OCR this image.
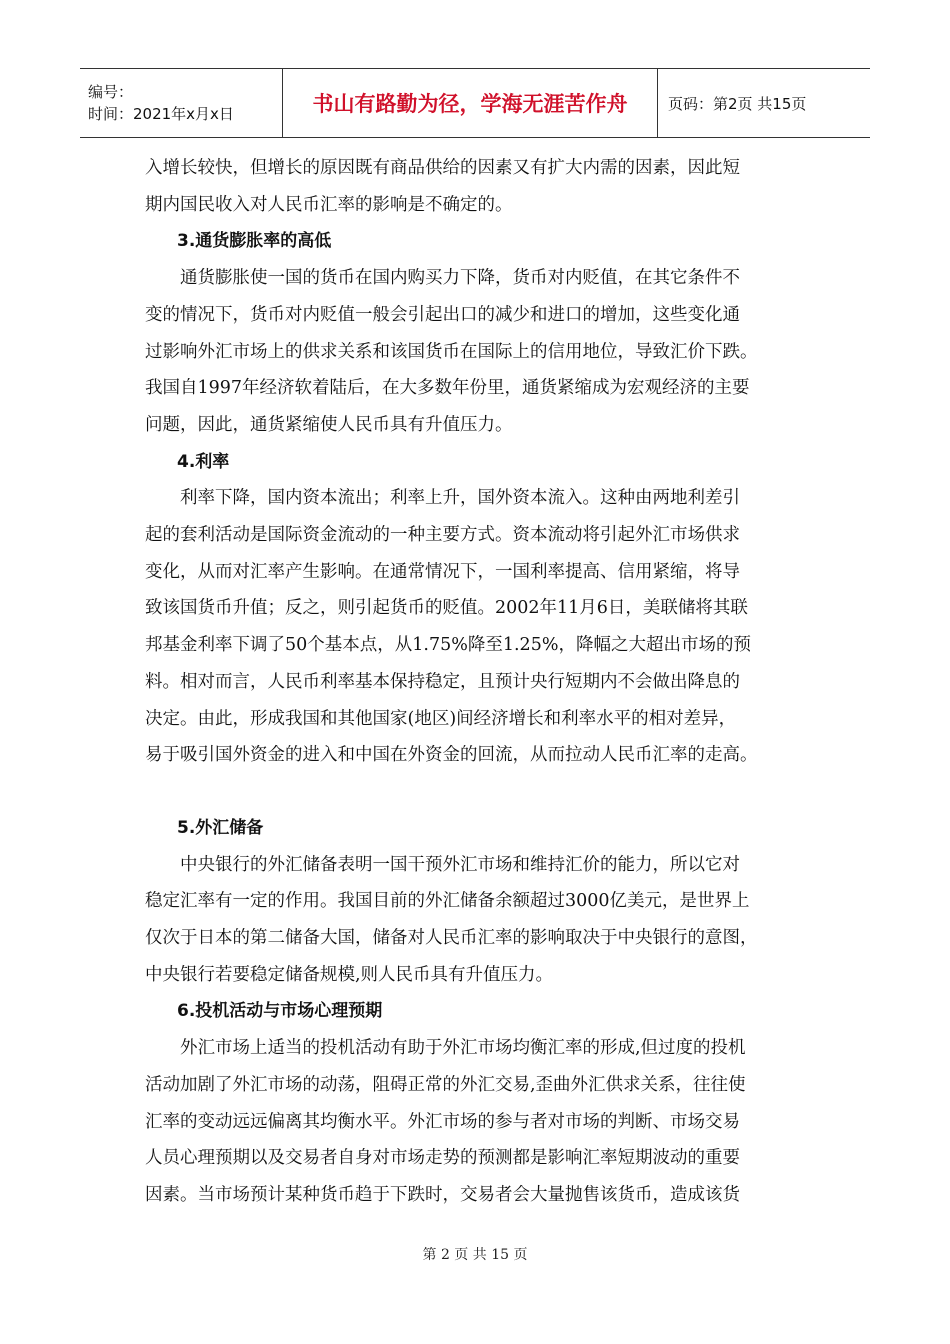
编号：
时间：2021年x月x日	书山有路勤为径，学海无涯苦作舟	页码：第2页 共15页

入增长较快，但增长的原因既有商品供给的因素又有扩大内需的因素，因此短
期内国民收入对人民币汇率的影响是不确定的。

3.通货膨胀率的高低

通货膨胀使一国的货币在国内购买力下降，货币对内贬值，在其它条件不
变的情况下，货币对内贬值一般会引起出口的减少和进口的增加，这些变化通
过影响外汇市场上的供求关系和该国货币在国际上的信用地位，导致汇价下跌。
我国自1997年经济软着陆后，在大多数年份里，通货紧缩成为宏观经济的主要
问题，因此，通货紧缩使人民币具有升值压力。

4.利率

利率下降，国内资本流出；利率上升，国外资本流入。这种由两地利差引
起的套利活动是国际资金流动的一种主要方式。资本流动将引起外汇市场供求
变化，从而对汇率产生影响。在通常情况下，一国利率提高、信用紧缩，将导
致该国货币升值；反之，则引起货币的贬值。2002年11月6日，美联储将其联
邦基金利率下调了50个基本点，从1.75%降至1.25%，降幅之大超出市场的预
料。相对而言，人民币利率基本保持稳定，且预计央行短期内不会做出降息的
决定。由此，形成我国和其他国家(地区)间经济增长和利率水平的相对差异，
易于吸引国外资金的进入和中国在外资金的回流，从而拉动人民币汇率的走高。

5.外汇储备

中央银行的外汇储备表明一国干预外汇市场和维持汇价的能力，所以它对
稳定汇率有一定的作用。我国目前的外汇储备余额超过3000亿美元，是世界上
仅次于日本的第二储备大国，储备对人民币汇率的影响取决于中央银行的意图，
中央银行若要稳定储备规模,则人民币具有升值压力。

6.投机活动与市场心理预期

外汇市场上适当的投机活动有助于外汇市场均衡汇率的形成,但过度的投机
活动加剧了外汇市场的动荡，阻碍正常的外汇交易,歪曲外汇供求关系，往往使
汇率的变动远远偏离其均衡水平。外汇市场的参与者对市场的判断、市场交易
人员心理预期以及交易者自身对市场走势的预测都是影响汇率短期波动的重要
因素。当市场预计某种货币趋于下跌时，交易者会大量抛售该货币，造成该货

第 2 页 共 15 页
